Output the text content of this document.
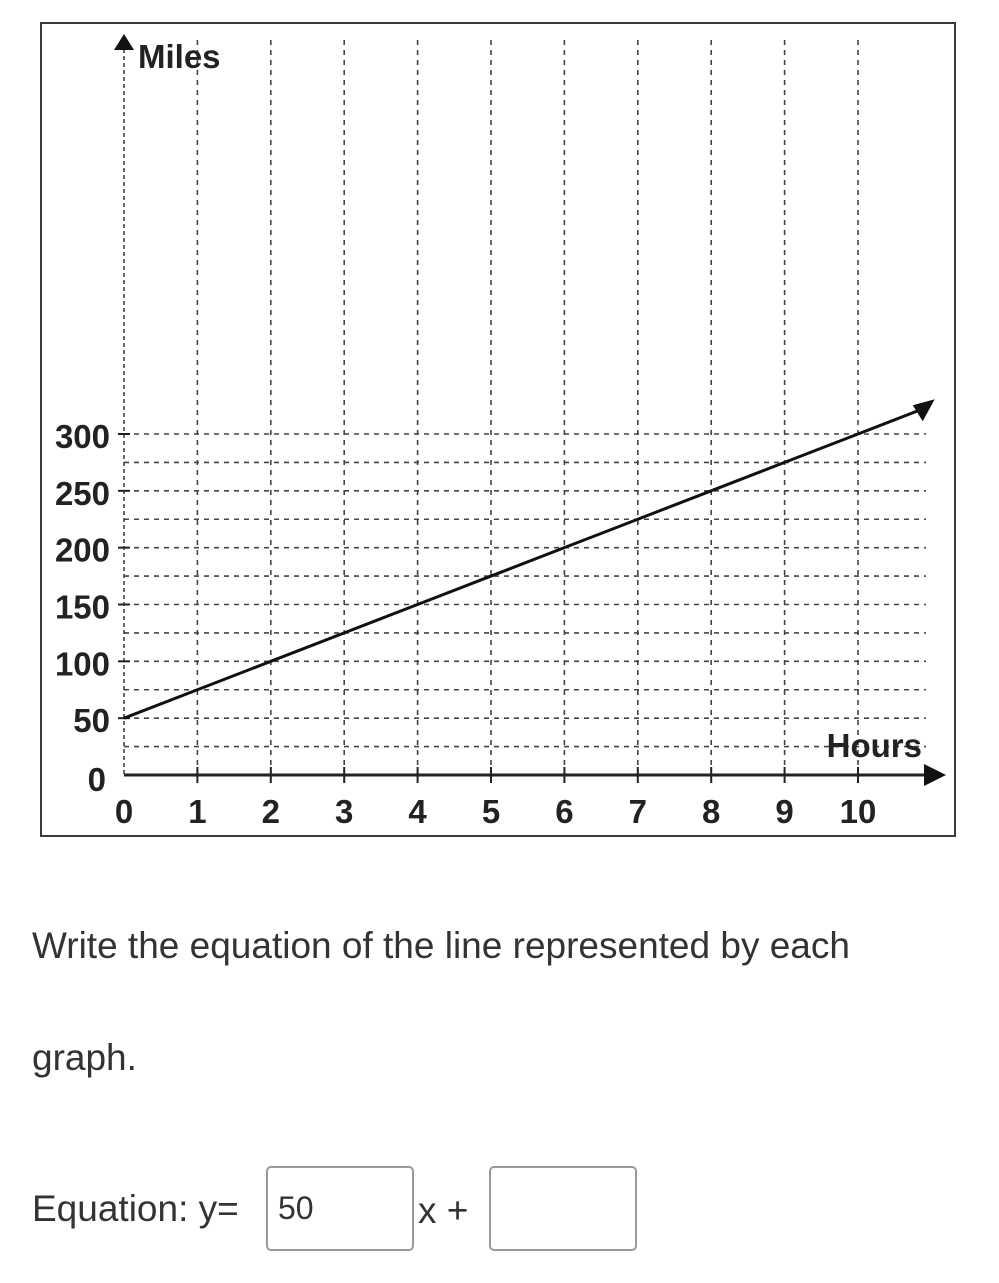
0 1 2 3 4 5 6 7 8 9 10
0
50
100
150
200
250
300
Miles
Hours
Write the equation of the line represented by each
graph.
Equation: y=
50	x +
